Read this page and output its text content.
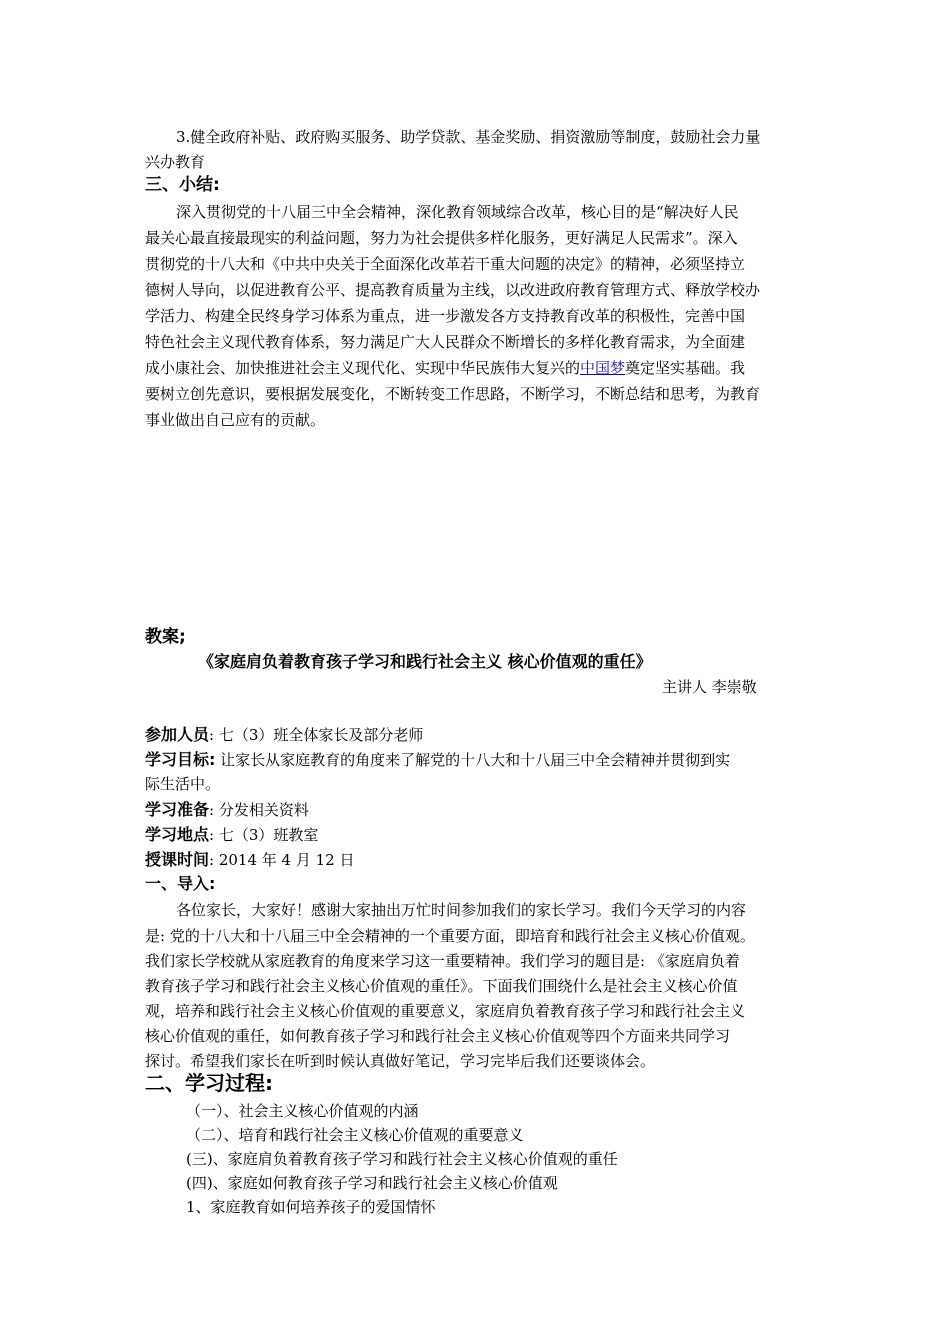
3.健全政府补贴、政府购买服务、助学贷款、基金奖励、捐资激励等制度，鼓励社会力量
兴办教育
三、小结:
深入贯彻党的十八届三中全会精神，深化教育领域综合改革，核心目的是“解决好人民
最关心最直接最现实的利益问题，努力为社会提供多样化服务，更好满足人民需求”。深入
贯彻党的十八大和《中共中央关于全面深化改革若干重大问题的决定》的精神，必须坚持立
德树人导向，以促进教育公平、提高教育质量为主线，以改进政府教育管理方式、释放学校办
学活力、构建全民终身学习体系为重点，进一步激发各方支持教育改革的积极性，完善中国
特色社会主义现代教育体系，努力满足广大人民群众不断增长的多样化教育需求，为全面建
成小康社会、加快推进社会主义现代化、实现中华民族伟大复兴的中国梦奠定坚实基础。我
要树立创先意识，要根据发展变化，不断转变工作思路，不断学习，不断总结和思考，为教育
事业做出自己应有的贡献。
教案;
《家庭肩负着教育孩子学习和践行社会主义 核心价值观的重任》
主讲人 李崇敬
参加人员: 七（3）班全体家长及部分老师
学习目标: 让家长从家庭教育的角度来了解党的十八大和十八届三中全会精神并贯彻到实
际生活中。
学习准备: 分发相关资料
学习地点: 七（3）班教室
授课时间: 2014 年 4 月 12 日
一、导入:
各位家长，大家好！感谢大家抽出万忙时间参加我们的家长学习。我们今天学习的内容
是: 党的十八大和十八届三中全会精神的一个重要方面，即培育和践行社会主义核心价值观。
我们家长学校就从家庭教育的角度来学习这一重要精神。我们学习的题目是: 《家庭肩负着
教育孩子学习和践行社会主义核心价值观的重任》。下面我们围绕什么是社会主义核心价值
观，培养和践行社会主义核心价值观的重要意义，家庭肩负着教育孩子学习和践行社会主义
核心价值观的重任，如何教育孩子学习和践行社会主义核心价值观等四个方面来共同学习
探讨。希望我们家长在听到时候认真做好笔记，学习完毕后我们还要谈体会。
二、学习过程:
（一）、社会主义核心价值观的内涵
（二）、培育和践行社会主义核心价值观的重要意义
(三)、家庭肩负着教育孩子学习和践行社会主义核心价值观的重任
(四)、家庭如何教育孩子学习和践行社会主义核心价值观
1、家庭教育如何培养孩子的爱国情怀
